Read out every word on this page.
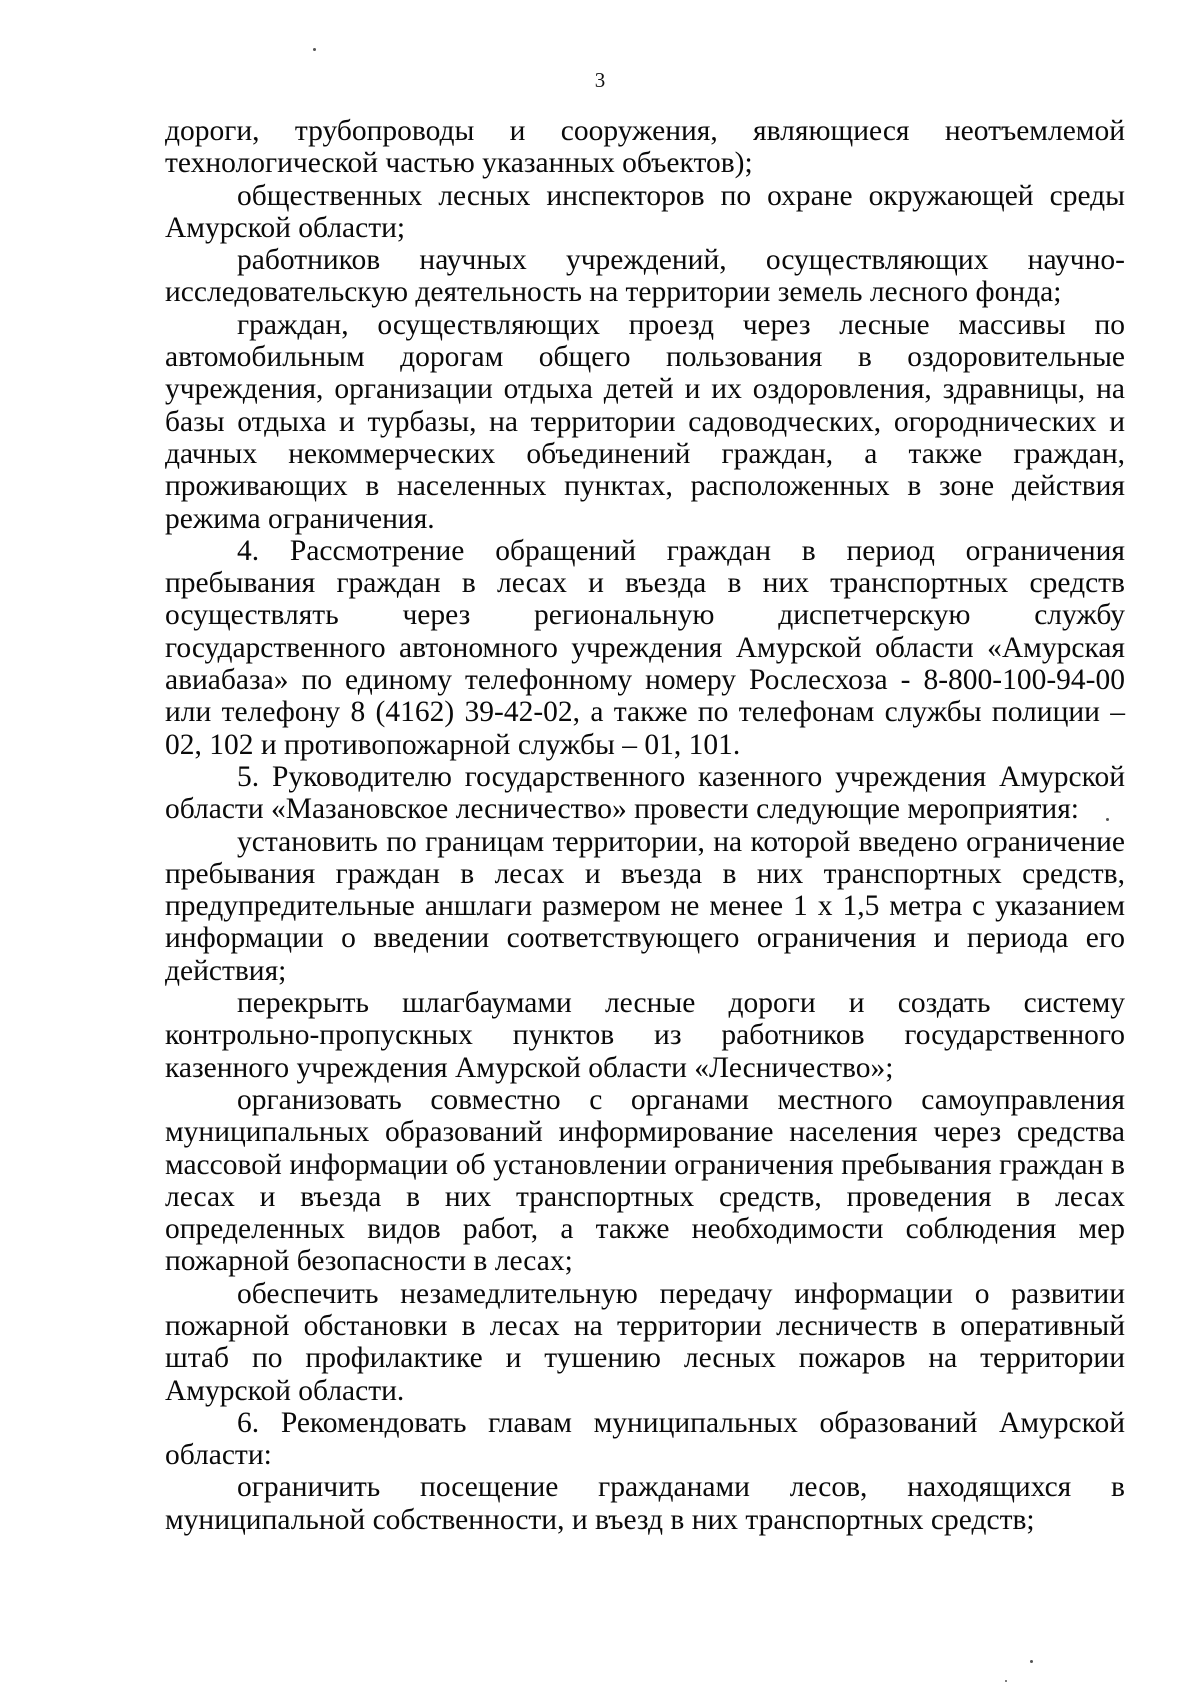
3

дороги, трубопроводы и сооружения, являющиеся неотъемлемой технологической частью указанных объектов);

общественных лесных инспекторов по охране окружающей среды Амурской области;

работников научных учреждений, осуществляющих научно-исследовательскую деятельность на территории земель лесного фонда;

граждан, осуществляющих проезд через лесные массивы по автомобильным дорогам общего пользования в оздоровительные учреждения, организации отдыха детей и их оздоровления, здравницы, на базы отдыха и турбазы, на территории садоводческих, огороднических и дачных некоммерческих объединений граждан, а также граждан, проживающих в населенных пунктах, расположенных в зоне действия режима ограничения.

4. Рассмотрение обращений граждан в период ограничения пребывания граждан в лесах и въезда в них транспортных средств осуществлять через региональную диспетчерскую службу государственного автономного учреждения Амурской области «Амурская авиабаза» по единому телефонному номеру Рослесхоза - 8-800-100-94-00 или телефону 8 (4162) 39-42-02, а также по телефонам службы полиции – 02, 102 и противопожарной службы – 01, 101.

5. Руководителю государственного казенного учреждения Амурской области «Мазановское лесничество» провести следующие мероприятия:

установить по границам территории, на которой введено ограничение пребывания граждан в лесах и въезда в них транспортных средств, предупредительные аншлаги размером не менее 1 х 1,5 метра с указанием информации о введении соответствующего ограничения и периода его действия;

перекрыть шлагбаумами лесные дороги и создать систему контрольно-пропускных пунктов из работников государственного казенного учреждения Амурской области «Лесничество»;

организовать совместно с органами местного самоуправления муниципальных образований информирование населения через средства массовой информации об установлении ограничения пребывания граждан в лесах и въезда в них транспортных средств, проведения в лесах определенных видов работ, а также необходимости соблюдения мер пожарной безопасности в лесах;

обеспечить незамедлительную передачу информации о развитии пожарной обстановки в лесах на территории лесничеств в оперативный штаб по профилактике и тушению лесных пожаров на территории Амурской области.

6. Рекомендовать главам муниципальных образований Амурской области:

ограничить посещение гражданами лесов, находящихся в муниципальной собственности, и въезд в них транспортных средств;
